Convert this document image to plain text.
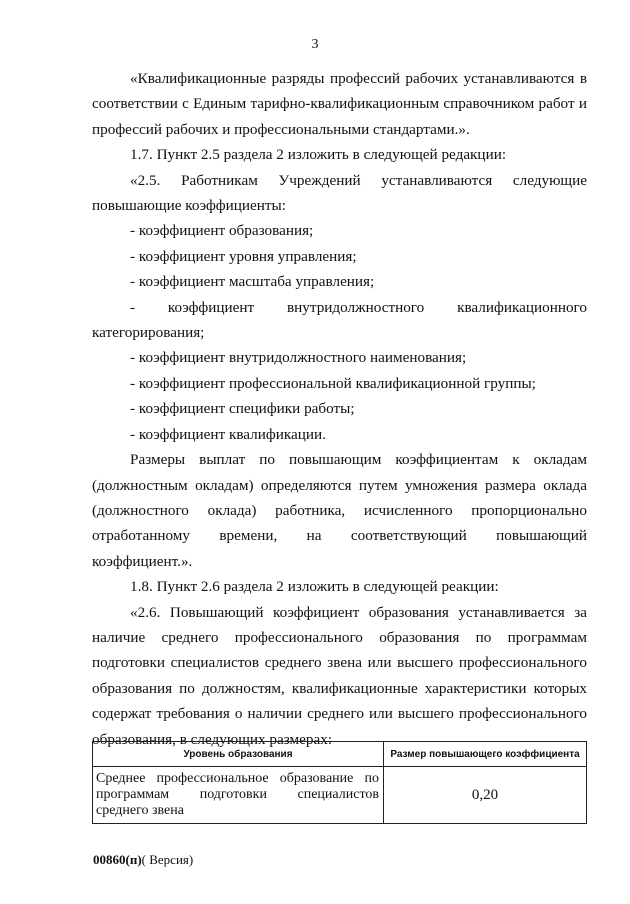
3

«Квалификационные разряды профессий рабочих устанавливаются в соответствии с Единым тарифно-квалификационным справочником работ и профессий рабочих и профессиональными стандартами.».

1.7. Пункт 2.5 раздела 2 изложить в следующей редакции:

«2.5. Работникам Учреждений устанавливаются следующие повышающие коэффициенты:

- коэффициент образования;

- коэффициент уровня управления;

- коэффициент масштаба управления;

- коэффициент внутридолжностного квалификационного категорирования;

- коэффициент внутридолжностного наименования;

- коэффициент профессиональной квалификационной группы;

- коэффициент специфики работы;

- коэффициент квалификации.

Размеры выплат по повышающим коэффициентам к окладам (должностным окладам) определяются путем умножения размера оклада (должностного оклада) работника, исчисленного пропорционально отработанному времени, на соответствующий повышающий коэффициент.».

1.8. Пункт 2.6 раздела 2 изложить в следующей реакции:

«2.6. Повышающий коэффициент образования устанавливается за наличие среднего профессионального образования по программам подготовки специалистов среднего звена или высшего профессионального образования по должностям, квалификационные характеристики которых содержат требования о наличии среднего или высшего профессионального образования, в следующих размерах:

Уровень образования	Размер повышающего коэффициента
Среднее профессиональное образование по программам подготовки специалистов среднего звена	0,20
00860(п)( Версия)
